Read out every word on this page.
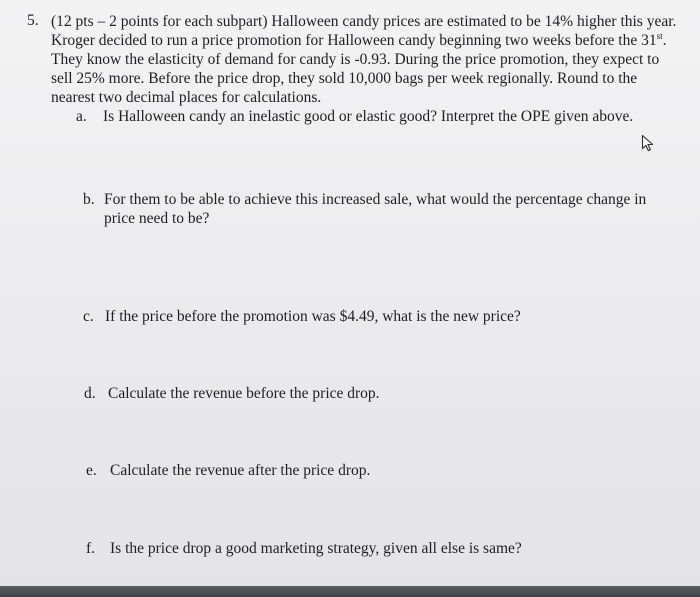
5. (12 pts – 2 points for each subpart) Halloween candy prices are estimated to be 14% higher this year. Kroger decided to run a price promotion for Halloween candy beginning two weeks before the 31st. They know the elasticity of demand for candy is -0.93. During the price promotion, they expect to sell 25% more. Before the price drop, they sold 10,000 bags per week regionally. Round to the nearest two decimal places for calculations.

a. Is Halloween candy an inelastic good or elastic good? Interpret the OPE given above.
b. For them to be able to achieve this increased sale, what would the percentage change in price need to be?
c. If the price before the promotion was $4.49, what is the new price?
d. Calculate the revenue before the price drop.
e. Calculate the revenue after the price drop.
f. Is the price drop a good marketing strategy, given all else is same?
